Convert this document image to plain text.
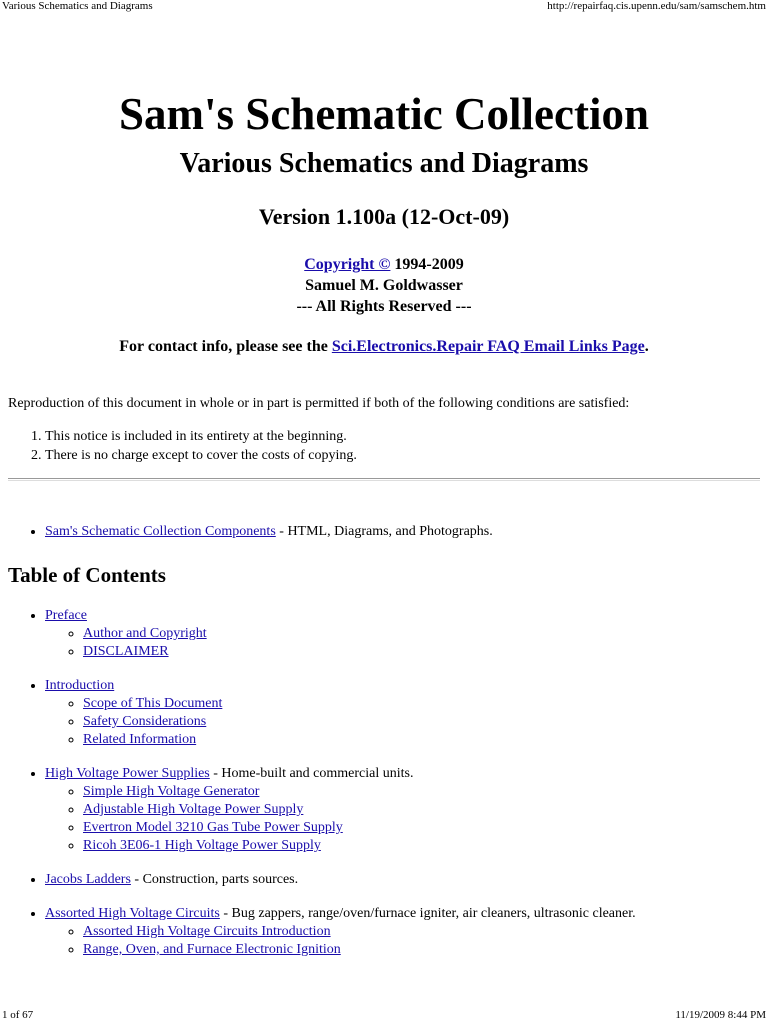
Various Schematics and Diagrams	http://repairfaq.cis.upenn.edu/sam/samschem.htm
Sam's Schematic Collection
Various Schematics and Diagrams
Version 1.100a (12-Oct-09)
Copyright © 1994-2009
Samuel M. Goldwasser
--- All Rights Reserved ---
For contact info, please see the Sci.Electronics.Repair FAQ Email Links Page.
Reproduction of this document in whole or in part is permitted if both of the following conditions are satisfied:
1. This notice is included in its entirety at the beginning.
2. There is no charge except to cover the costs of copying.
• Sam's Schematic Collection Components - HTML, Diagrams, and Photographs.
Table of Contents
• Preface
◦ Author and Copyright
◦ DISCLAIMER
• Introduction
◦ Scope of This Document
◦ Safety Considerations
◦ Related Information
• High Voltage Power Supplies - Home-built and commercial units.
◦ Simple High Voltage Generator
◦ Adjustable High Voltage Power Supply
◦ Evertron Model 3210 Gas Tube Power Supply
◦ Ricoh 3E06-1 High Voltage Power Supply
• Jacobs Ladders - Construction, parts sources.
• Assorted High Voltage Circuits - Bug zappers, range/oven/furnace igniter, air cleaners, ultrasonic cleaner.
◦ Assorted High Voltage Circuits Introduction
◦ Range, Oven, and Furnace Electronic Ignition
1 of 67	11/19/2009 8:44 PM
